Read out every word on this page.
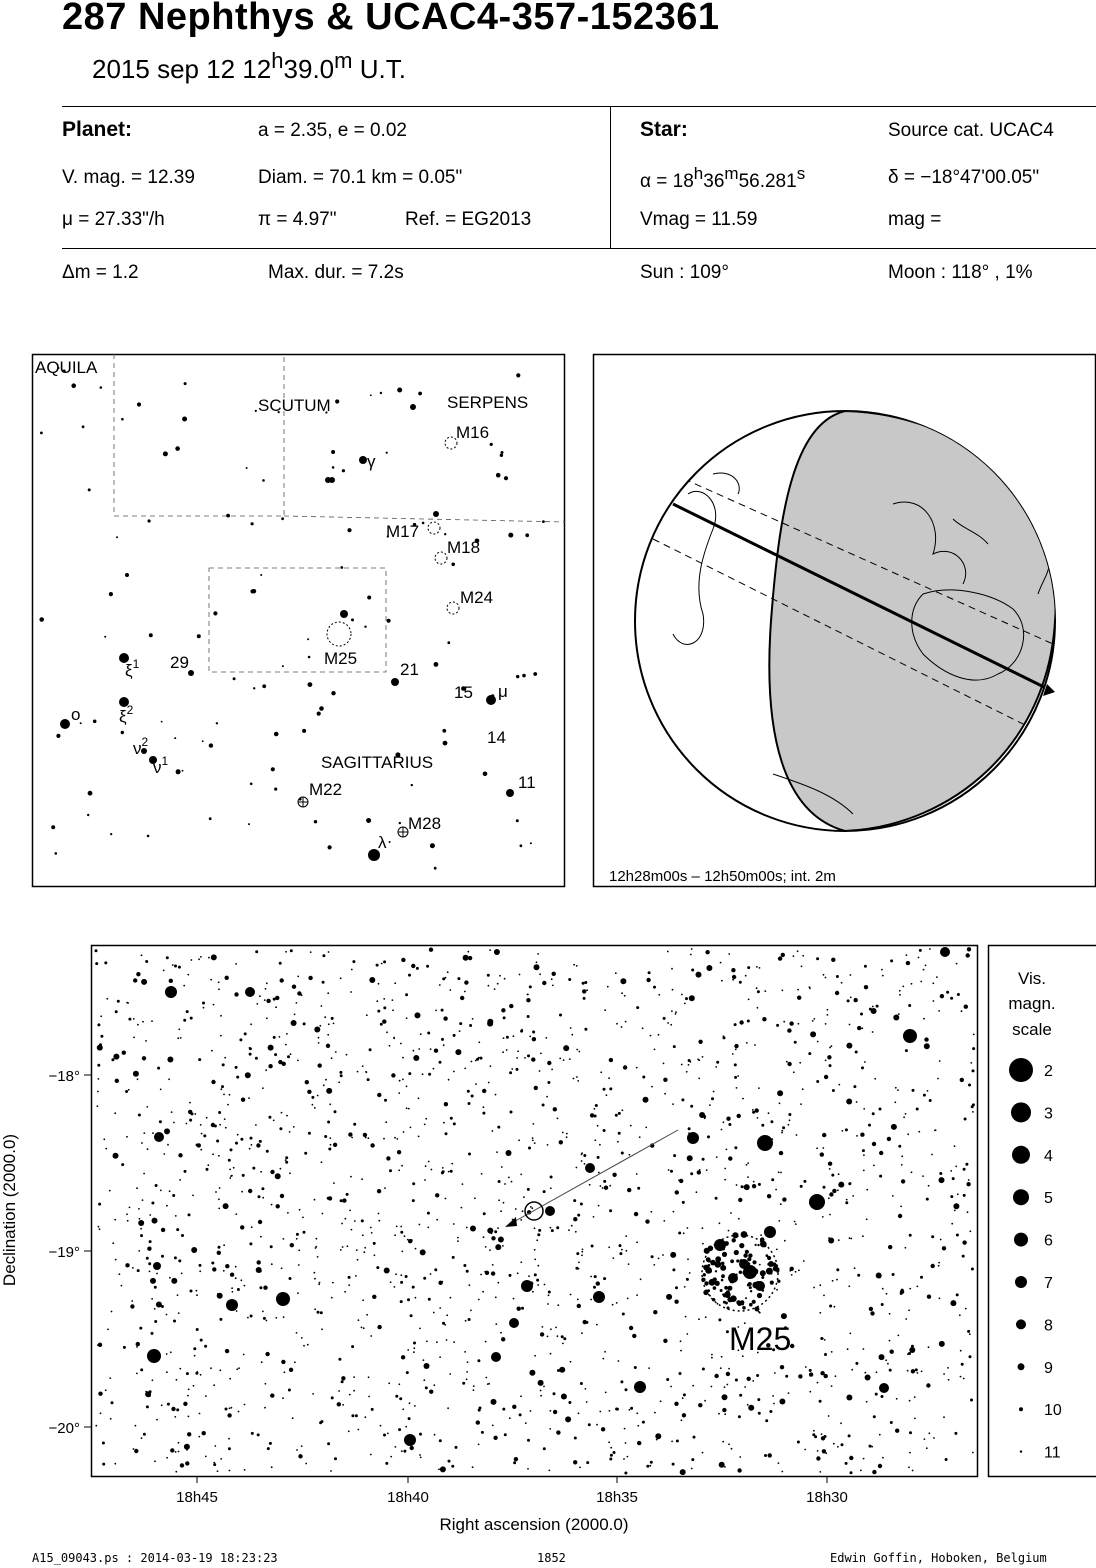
287 Nephthys & UCAC4-357-152361
2015 sep 12 12$^h$39.0$^m$ U.T.
Planet:	a = 2.35, e = 0.02
V. mag. = 12.39	Diam. = 70.1 km = 0.05"
μ = 27.33"/h	π = 4.97"	Ref. = EG2013
Star:	Source cat. UCAC4
$\alpha = 18^h36^m56.281^s$	δ = −18°47'00.05"
Vmag = 11.59	mag =
Δm = 1.2	Max. dur. = 7.2s	Sun : 109°	Moon : 118° , 1%
AQUILA
SCUTUM	SERPENS
SAGITTARIUS
M16
M17
M18
M24
M25
M22
M28
γ
29	21
15 μ
14
11
λ
o
$\xi^1$
$\xi^2$
$\nu^2$
$\nu^1$
12h28m00s – 12h50m00s; int. 2m
−18°
−19°
−20°
18h45	18h40	18h35	18h30
Right ascension (2000.0)
Declination (2000.0)
M25
Vis.
magn.
scale
2
3
4
5
6
7
8
9
10
11
A15_09043.ps : 2014-03-19 18:23:23	1852	Edwin Goffin, Hoboken, Belgium
